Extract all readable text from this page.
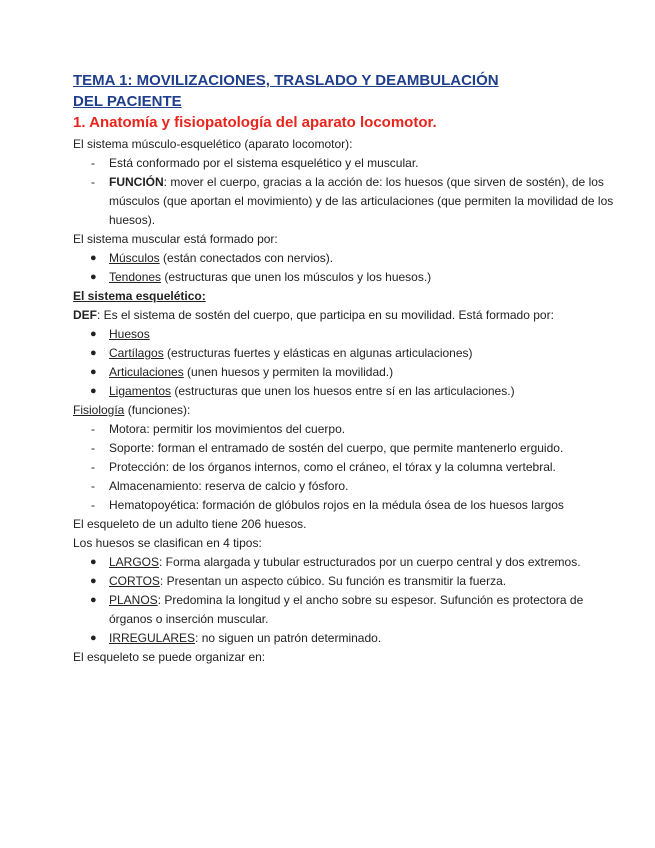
TEMA 1: MOVILIZACIONES, TRASLADO Y DEAMBULACIÓN DEL PACIENTE
1. Anatomía y fisiopatología del aparato locomotor.

El sistema músculo-esquelético (aparato locomotor):

- Está conformado por el sistema esquelético y el muscular.
- FUNCIÓN: mover el cuerpo, gracias a la acción de: los huesos (que sirven de sostén), de los músculos (que aportan el movimiento) y de las articulaciones (que permiten la movilidad de los huesos).

El sistema muscular está formado por:

● Músculos (están conectados con nervios).
● Tendones (estructuras que unen los músculos y los huesos.)

El sistema esquelético:

DEF: Es el sistema de sostén del cuerpo, que participa en su movilidad. Está formado por:

● Huesos
● Cartílagos (estructuras fuertes y elásticas en algunas articulaciones)
● Articulaciones (unen huesos y permiten la movilidad.)
● Ligamentos (estructuras que unen los huesos entre sí en las articulaciones.)

Fisiología (funciones):

- Motora: permitir los movimientos del cuerpo.
- Soporte: forman el entramado de sostén del cuerpo, que permite mantenerlo erguido.
- Protección: de los órganos internos, como el cráneo, el tórax y la columna vertebral.
- Almacenamiento: reserva de calcio y fósforo.
- Hematopoyética: formación de glóbulos rojos en la médula ósea de los huesos largos

El esqueleto de un adulto tiene 206 huesos.

Los huesos se clasifican en 4 tipos:

● LARGOS: Forma alargada y tubular estructurados por un cuerpo central y dos extremos.
● CORTOS: Presentan un aspecto cúbico. Su función es transmitir la fuerza.
● PLANOS: Predomina la longitud y el ancho sobre su espesor. Sufunción es protectora de órganos o inserción muscular.
● IRREGULARES: no siguen un patrón determinado.

El esqueleto se puede organizar en:
